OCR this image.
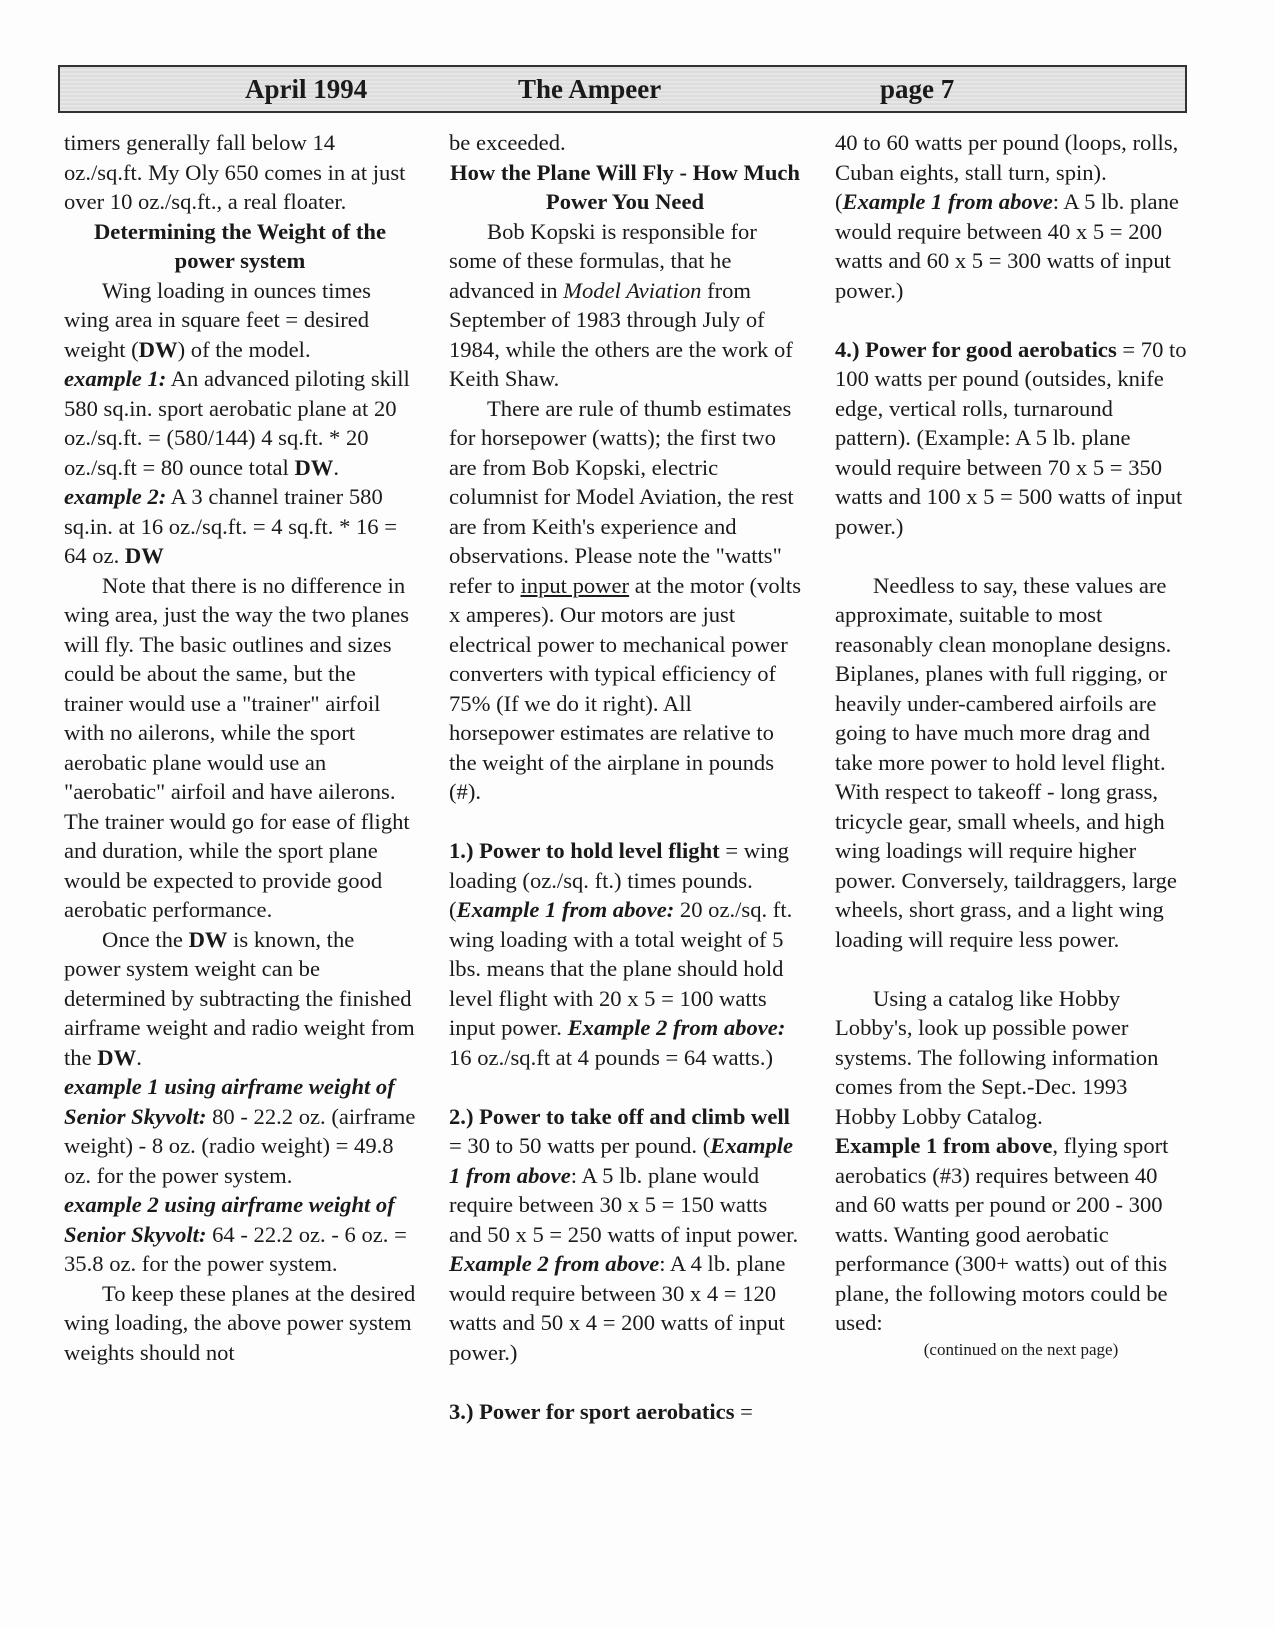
April 1994	The Ampeer	page 7

timers generally fall below 14 oz./sq.ft. My Oly 650 comes in at just over 10 oz./sq.ft., a real floater.

Determining the Weight of the power system

Wing loading in ounces times wing area in square feet = desired weight (DW) of the model.

example 1: An advanced piloting skill 580 sq.in. sport aerobatic plane at 20 oz./sq.ft. = (580/144) 4 sq.ft. * 20 oz./sq.ft = 80 ounce total DW.

example 2: A 3 channel trainer 580 sq.in. at 16 oz./sq.ft. = 4 sq.ft. * 16 = 64 oz. DW

Note that there is no difference in wing area, just the way the two planes will fly. The basic outlines and sizes could be about the same, but the trainer would use a "trainer" airfoil with no ailerons, while the sport aerobatic plane would use an "aerobatic" airfoil and have ailerons. The trainer would go for ease of flight and duration, while the sport plane would be expected to provide good aerobatic performance.

Once the DW is known, the power system weight can be determined by subtracting the finished airframe weight and radio weight from the DW.

example 1 using airframe weight of Senior Skyvolt: 80 - 22.2 oz. (airframe weight) - 8 oz. (radio weight) = 49.8 oz. for the power system.

example 2 using airframe weight of Senior Skyvolt: 64 - 22.2 oz. - 6 oz. = 35.8 oz. for the power system.

To keep these planes at the desired wing loading, the above power system weights should not

be exceeded.

How the Plane Will Fly - How Much Power You Need

Bob Kopski is responsible for some of these formulas, that he advanced in Model Aviation from September of 1983 through July of 1984, while the others are the work of Keith Shaw.

There are rule of thumb estimates for horsepower (watts); the first two are from Bob Kopski, electric columnist for Model Aviation, the rest are from Keith's experience and observations. Please note the "watts" refer to input power at the motor (volts x amperes). Our motors are just electrical power to mechanical power converters with typical efficiency of 75% (If we do it right). All horsepower estimates are relative to the weight of the airplane in pounds (#).

1.) Power to hold level flight = wing loading (oz./sq. ft.) times pounds. (Example 1 from above: 20 oz./sq. ft. wing loading with a total weight of 5 lbs. means that the plane should hold level flight with 20 x 5 = 100 watts input power. Example 2 from above: 16 oz./sq.ft at 4 pounds = 64 watts.)

2.) Power to take off and climb well = 30 to 50 watts per pound. (Example 1 from above: A 5 lb. plane would require between 30 x 5 = 150 watts and 50 x 5 = 250 watts of input power. Example 2 from above: A 4 lb. plane would require between 30 x 4 = 120 watts and 50 x 4 = 200 watts of input power.)

3.) Power for sport aerobatics =

40 to 60 watts per pound (loops, rolls, Cuban eights, stall turn, spin). (Example 1 from above: A 5 lb. plane would require between 40 x 5 = 200 watts and 60 x 5 = 300 watts of input power.)

4.) Power for good aerobatics = 70 to 100 watts per pound (outsides, knife edge, vertical rolls, turnaround pattern). (Example: A 5 lb. plane would require between 70 x 5 = 350 watts and 100 x 5 = 500 watts of input power.)

Needless to say, these values are approximate, suitable to most reasonably clean monoplane designs. Biplanes, planes with full rigging, or heavily under-cambered airfoils are going to have much more drag and take more power to hold level flight. With respect to takeoff - long grass, tricycle gear, small wheels, and high wing loadings will require higher power. Conversely, taildraggers, large wheels, short grass, and a light wing loading will require less power.

Using a catalog like Hobby Lobby's, look up possible power systems. The following information comes from the Sept.-Dec. 1993 Hobby Lobby Catalog.

Example 1 from above, flying sport aerobatics (#3) requires between 40 and 60 watts per pound or 200 - 300 watts. Wanting good aerobatic performance (300+ watts) out of this plane, the following motors could be used:

(continued on the next page)
